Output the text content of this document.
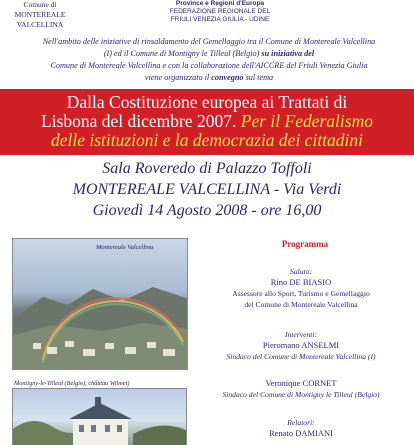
Comune di
MONTEREALE
VALCELLINA
Province e Regioni d'Europa
FEDERAZIONE REGIONALE DEL
FRIULI VENEZIA GIULIA - UDINE
Nell'ambito delle iniziative di rinsaldamento del Gemellaggio tra il Comune di Montereale Valcellina
(I) ed il Comune di Montigny le Tilleul (Belgio) su iniziativa del
Comune di Montereale Valcellina e con la collaborazione dell'AICCRE del Friuli Venezia Giulia
viene organizzato il convegno sul tema
Dalla Costituzione europea ai Trattati di
Lisbona del dicembre 2007. Per il Federalismo
delle istituzioni e la democrazia dei cittadini
Sala Roveredo di Palazzo Toffoli
MONTEREALE VALCELLINA - Via Verdi
Giovedì 14 Agosto 2008 - ore 16,00
Montereale Valcellina
Montigny-le-Tilleul (Belgio), château Wilmet)
Programma
Saluto:
Rino DE BIASIO
Assessore allo Sport, Turismo e Gemellaggio
del Comune di Montereale Valcellina
Interventi:
Pieromano ANSELMI
Sindaco del Comune di Montereale Valcellina (I)
Veronique CORNET
Sindaco del Comune di Montigny le Tilleul (Belgio)
Relatori:
Renato DAMIANI
